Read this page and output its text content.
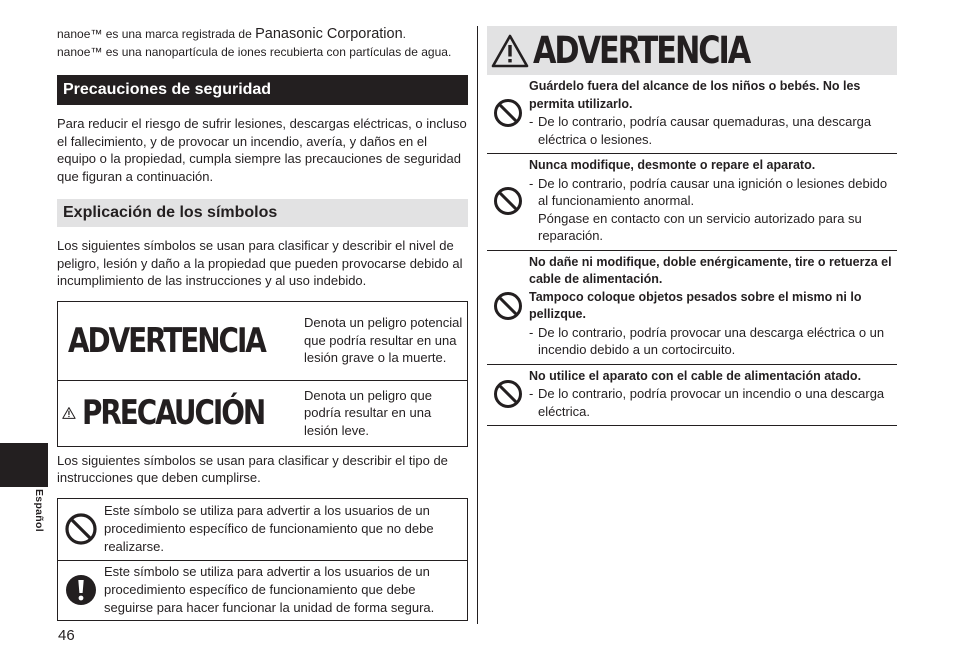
Español
46
nanoe™ es una marca registrada de Panasonic Corporation.
nanoe™ es una nanopartícula de iones recubierta con partículas de agua.
Precauciones de seguridad
Para reducir el riesgo de sufrir lesiones, descargas eléctricas, o incluso el fallecimiento, y de provocar un incendio, avería, y daños en el equipo o la propiedad, cumpla siempre las precauciones de seguridad que figuran a continuación.
Explicación de los símbolos
Los siguientes símbolos se usan para clasificar y describir el nivel de peligro, lesión y daño a la propiedad que pueden provocarse debido al incumplimiento de las instrucciones y al uso indebido.
ADVERTENCIA	Denota un peligro potencial que podría resultar en una lesión grave o la muerte.
PRECAUCIÓN	Denota un peligro que podría resultar en una lesión leve.
Los siguientes símbolos se usan para clasificar y describir el tipo de instrucciones que deben cumplirse.
Este símbolo se utiliza para advertir a los usuarios de un procedimiento específico de funcionamiento que no debe realizarse.
Este símbolo se utiliza para advertir a los usuarios de un procedimiento específico de funcionamiento que debe seguirse para hacer funcionar la unidad de forma segura.
ADVERTENCIA
Guárdelo fuera del alcance de los niños o bebés. No les permita utilizarlo.
- De lo contrario, podría causar quemaduras, una descarga eléctrica o lesiones.
Nunca modifique, desmonte o repare el aparato.
- De lo contrario, podría causar una ignición o lesiones debido al funcionamiento anormal.
Póngase en contacto con un servicio autorizado para su reparación.
No dañe ni modifique, doble enérgicamente, tire o retuerza el cable de alimentación.
Tampoco coloque objetos pesados sobre el mismo ni lo pellizque.
- De lo contrario, podría provocar una descarga eléctrica o un incendio debido a un cortocircuito.
No utilice el aparato con el cable de alimentación atado.
- De lo contrario, podría provocar un incendio o una descarga eléctrica.
